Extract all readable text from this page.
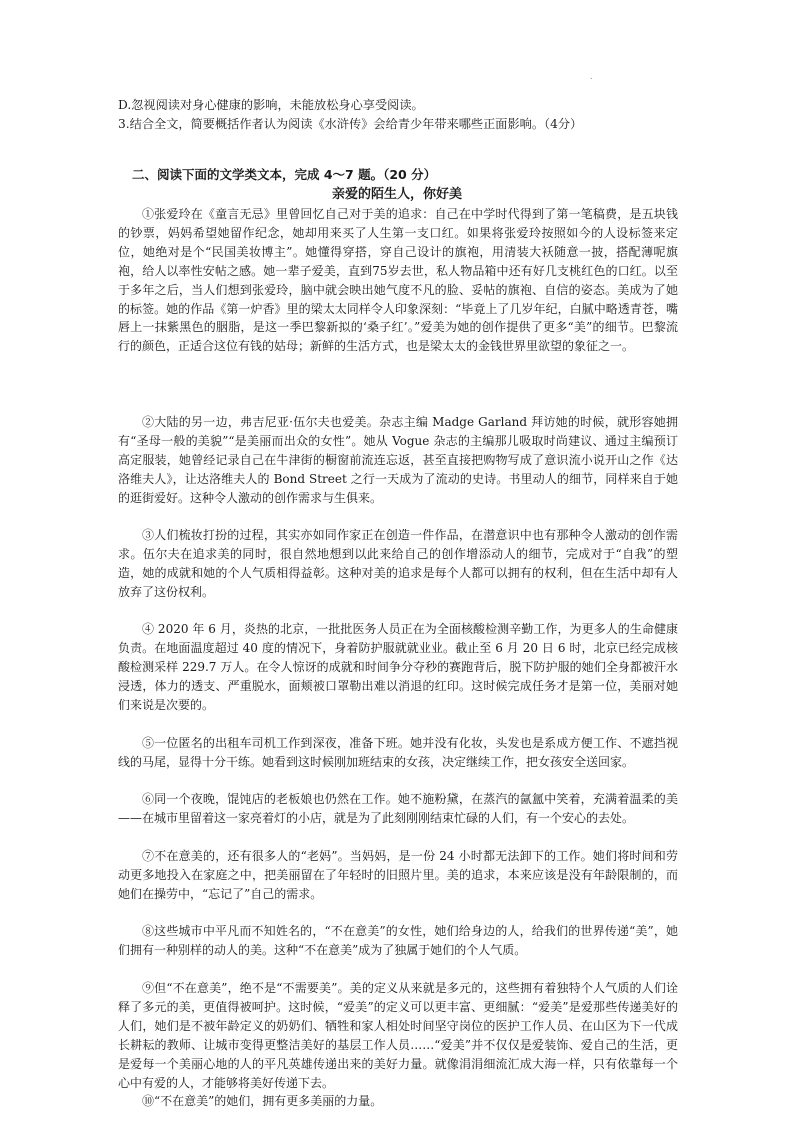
.
D.忽视阅读对身心健康的影响，未能放松身心享受阅读。
3.结合全文，简要概括作者认为阅读《水浒传》会给青少年带来哪些正面影响。（4分）
二、阅读下面的文学类文本，完成 4～7 题。（20 分）
亲爱的陌生人，你好美

①张爱玲在《童言无忌》里曾回忆自己对于美的追求：自己在中学时代得到了第一笔稿费，是五块钱的钞票，妈妈希望她留作纪念，她却用来买了人生第一支口红。如果将张爱玲按照如今的人设标签来定位，她绝对是个“民国美妆博主”。她懂得穿搭，穿自己设计的旗袍，用清装大袄随意一披，搭配薄呢旗袍，给人以率性安帖之感。她一辈子爱美，直到75岁去世，私人物品箱中还有好几支桃红色的口红。以至于多年之后，当人们想到张爱玲，脑中就会映出她气度不凡的脸、妥帖的旗袍、自信的姿态。美成为了她的标签。她的作品《第一炉香》里的梁太太同样令人印象深刻：“毕竟上了几岁年纪，白腻中略透青苍，嘴唇上一抹紫黑色的胭脂，是这一季巴黎新拟的‘桑子红’。”爱美为她的创作提供了更多“美”的细节。巴黎流行的颜色，正适合这位有钱的姑母；新鲜的生活方式，也是梁太太的金钱世界里欲望的象征之一。

②大陆的另一边，弗吉尼亚·伍尔夫也爱美。杂志主编 Madge Garland 拜访她的时候，就形容她拥有“圣母一般的美貌”“是美丽而出众的女性”。她从 Vogue 杂志的主编那儿吸取时尚建议、通过主编预订高定服装，她曾经记录自己在牛津街的橱窗前流连忘返，甚至直接把购物写成了意识流小说开山之作《达洛维夫人》，让达洛维夫人的 Bond Street 之行一天成为了流动的史诗。书里动人的细节，同样来自于她的逛街爱好。这种令人激动的创作需求与生俱来。

③人们梳妆打扮的过程，其实亦如同作家正在创造一件作品，在潜意识中也有那种令人激动的创作需求。伍尔夫在追求美的同时，很自然地想到以此来给自己的创作增添动人的细节，完成对于“自我”的塑造，她的成就和她的个人气质相得益彰。这种对美的追求是每个人都可以拥有的权利，但在生活中却有人放弃了这份权利。

④ 2020 年 6 月，炎热的北京，一批批医务人员正在为全面核酸检测辛勤工作，为更多人的生命健康负责。在地面温度超过 40 度的情况下，身着防护服就就业业。截止至 6 月 20 日 6 时，北京已经完成核酸检测采样 229.7 万人。在令人惊讶的成就和时间争分夺秒的赛跑背后，脱下防护服的她们全身都被汗水浸透，体力的透支、严重脱水，面颊被口罩勒出难以消退的红印。这时候完成任务才是第一位，美丽对她们来说是次要的。

⑤一位匿名的出租车司机工作到深夜，准备下班。她并没有化妆，头发也是系成方便工作、不遮挡视线的马尾，显得十分干练。她看到这时候刚加班结束的女孩，决定继续工作，把女孩安全送回家。

⑥同一个夜晚，馄饨店的老板娘也仍然在工作。她不施粉黛，在蒸汽的氤氲中笑着，充满着温柔的美——在城市里留着这一家亮着灯的小店，就是为了此刻刚刚结束忙碌的人们，有一个安心的去处。

⑦不在意美的，还有很多人的“老妈”。当妈妈，是一份 24 小时都无法卸下的工作。她们将时间和劳动更多地投入在家庭之中，把美丽留在了年轻时的旧照片里。美的追求，本来应该是没有年龄限制的，而她们在操劳中，“忘记了”自己的需求。

⑧这些城市中平凡而不知姓名的，“不在意美”的女性，她们给身边的人，给我们的世界传递“美”，她们拥有一种别样的动人的美。这种“不在意美”成为了独属于她们的个人气质。

⑨但“不在意美”，绝不是“不需要美”。美的定义从来就是多元的，这些拥有着独特个人气质的人们诠释了多元的美，更值得被呵护。这时候，“爱美”的定义可以更丰富、更细腻：“爱美”是爱那些传递美好的人们，她们是不被年龄定义的奶奶们、牺牲和家人相处时间坚守岗位的医护工作人员、在山区为下一代成长耕耘的教师、让城市变得更整洁美好的基层工作人员……“爱美”并不仅仅是爱装饰、爱自己的生活，更是爱每一个美丽心地的人的平凡英雄传递出来的美好力量。就像涓涓细流汇成大海一样，只有依靠每一个心中有爱的人，才能够将美好传递下去。

⑩“不在意美”的她们，拥有更多美丽的力量。
